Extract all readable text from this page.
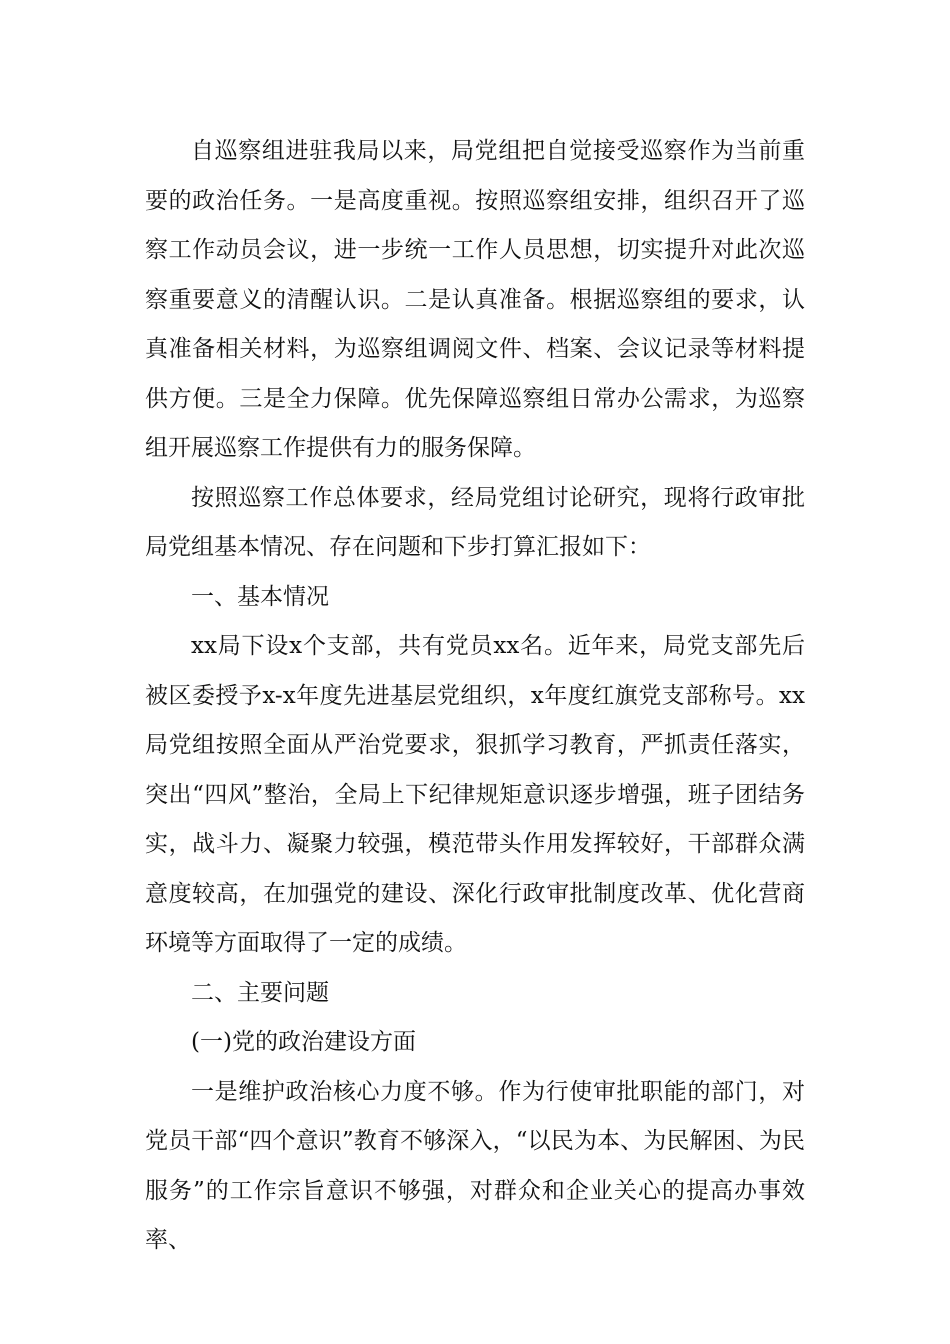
自巡察组进驻我局以来，局党组把自觉接受巡察作为当前重要的政治任务。一是高度重视。按照巡察组安排，组织召开了巡察工作动员会议，进一步统一工作人员思想，切实提升对此次巡察重要意义的清醒认识。二是认真准备。根据巡察组的要求，认真准备相关材料，为巡察组调阅文件、档案、会议记录等材料提供方便。三是全力保障。优先保障巡察组日常办公需求，为巡察组开展巡察工作提供有力的服务保障。

按照巡察工作总体要求，经局党组讨论研究，现将行政审批局党组基本情况、存在问题和下步打算汇报如下：

一、基本情况

xx局下设x个支部，共有党员xx名。近年来，局党支部先后被区委授予x-x年度先进基层党组织，x年度红旗党支部称号。xx局党组按照全面从严治党要求，狠抓学习教育，严抓责任落实，突出“四风”整治，全局上下纪律规矩意识逐步增强，班子团结务实，战斗力、凝聚力较强，模范带头作用发挥较好，干部群众满意度较高，在加强党的建设、深化行政审批制度改革、优化营商环境等方面取得了一定的成绩。

二、主要问题

(一)党的政治建设方面

一是维护政治核心力度不够。作为行使审批职能的部门，对党员干部“四个意识”教育不够深入，“以民为本、为民解困、为民服务”的工作宗旨意识不够强，对群众和企业关心的提高办事效率、
